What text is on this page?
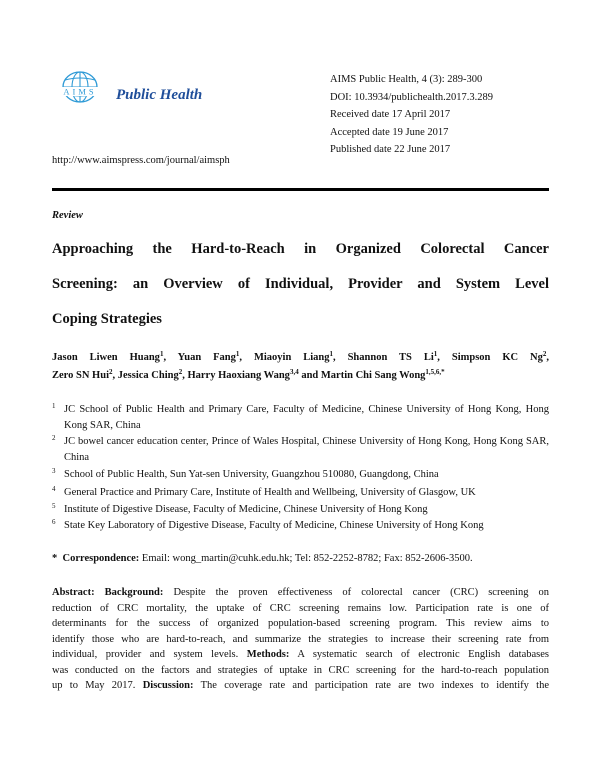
AIMS Public Health
http://www.aimspress.com/journal/aimsph
AIMS Public Health, 4 (3): 289-300
DOI: 10.3934/publichealth.2017.3.289
Received date 17 April 2017
Accepted date 19 June 2017
Published date 22 June 2017
Review
Approaching the Hard-to-Reach in Organized Colorectal Cancer
Screening: an Overview of Individual, Provider and System Level
Coping Strategies
Jason Liwen Huang$^1$, Yuan Fang$^1$, Miaoyin Liang$^1$, Shannon TS Li$^1$, Simpson KC Ng$^2$,
Zero SN Hui$^2$, Jessica Ching$^2$, Harry Haoxiang Wang$^{3,4}$ and Martin Chi Sang Wong$^{1,5,6,*}$
1 JC School of Public Health and Primary Care, Faculty of Medicine, Chinese University of Hong Kong, Hong Kong SAR, China
2 JC bowel cancer education center, Prince of Wales Hospital, Chinese University of Hong Kong, Hong Kong SAR, China
3 School of Public Health, Sun Yat-sen University, Guangzhou 510080, Guangdong, China
4 General Practice and Primary Care, Institute of Health and Wellbeing, University of Glasgow, UK
5 Institute of Digestive Disease, Faculty of Medicine, Chinese University of Hong Kong
6 State Key Laboratory of Digestive Disease, Faculty of Medicine, Chinese University of Hong Kong
* Correspondence: Email: wong_martin@cuhk.edu.hk; Tel: 852-2252-8782; Fax: 852-2606-3500.
Abstract: Background: Despite the proven effectiveness of colorectal cancer (CRC) screening on
reduction of CRC mortality, the uptake of CRC screening remains low. Participation rate is one of
determinants for the success of organized population-based screening program. This review aims to
identify those who are hard-to-reach, and summarize the strategies to increase their screening rate from
individual, provider and system levels. Methods: A systematic search of electronic English databases
was conducted on the factors and strategies of uptake in CRC screening for the hard-to-reach population
up to May 2017. Discussion: The coverage rate and participation rate are two indexes to identify the
